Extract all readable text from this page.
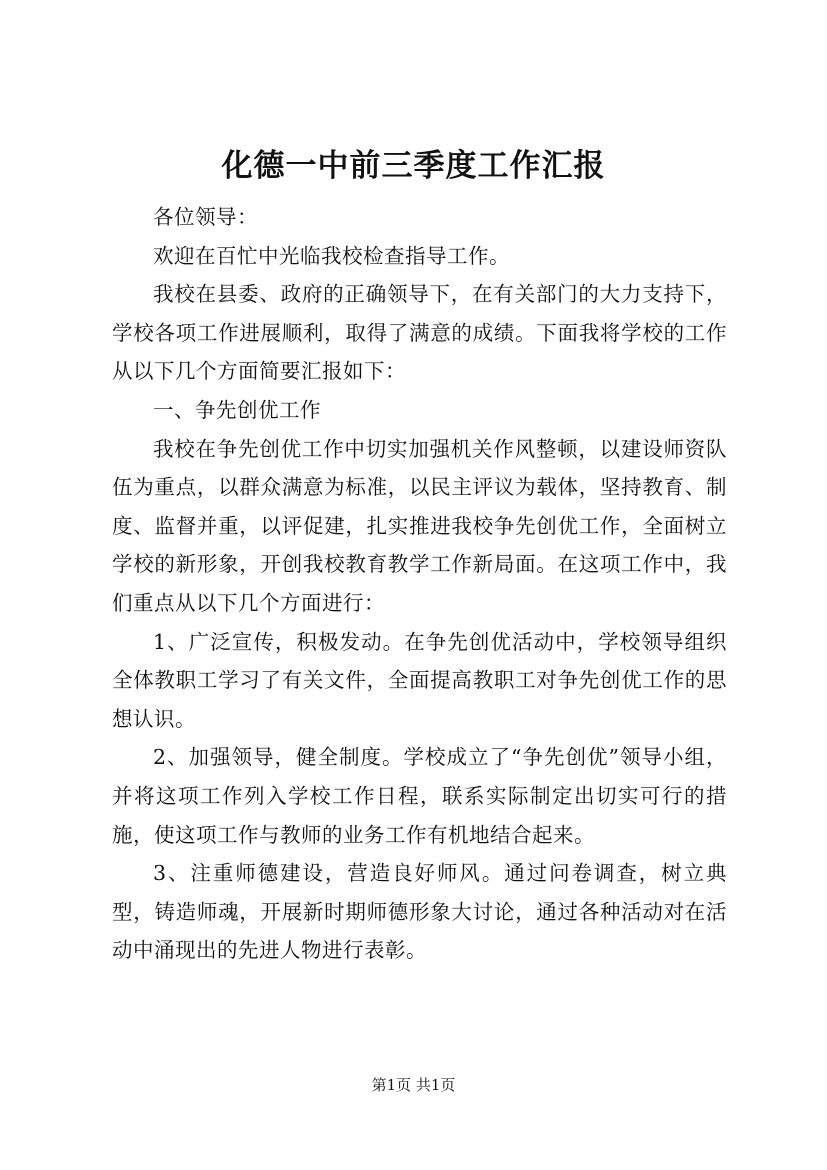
化德一中前三季度工作汇报

各位领导：

欢迎在百忙中光临我校检查指导工作。

我校在县委、政府的正确领导下，在有关部门的大力支持下，学校各项工作进展顺利，取得了满意的成绩。下面我将学校的工作从以下几个方面简要汇报如下：

一、争先创优工作

我校在争先创优工作中切实加强机关作风整顿，以建设师资队伍为重点，以群众满意为标准，以民主评议为载体，坚持教育、制度、监督并重，以评促建，扎实推进我校争先创优工作，全面树立学校的新形象，开创我校教育教学工作新局面。在这项工作中，我们重点从以下几个方面进行：

1、广泛宣传，积极发动。在争先创优活动中，学校领导组织全体教职工学习了有关文件，全面提高教职工对争先创优工作的思想认识。

2、加强领导，健全制度。学校成立了“争先创优”领导小组，并将这项工作列入学校工作日程，联系实际制定出切实可行的措施，使这项工作与教师的业务工作有机地结合起来。

3、注重师德建设，营造良好师风。通过问卷调查，树立典型，铸造师魂，开展新时期师德形象大讨论，通过各种活动对在活动中涌现出的先进人物进行表彰。

第1页 共1页
